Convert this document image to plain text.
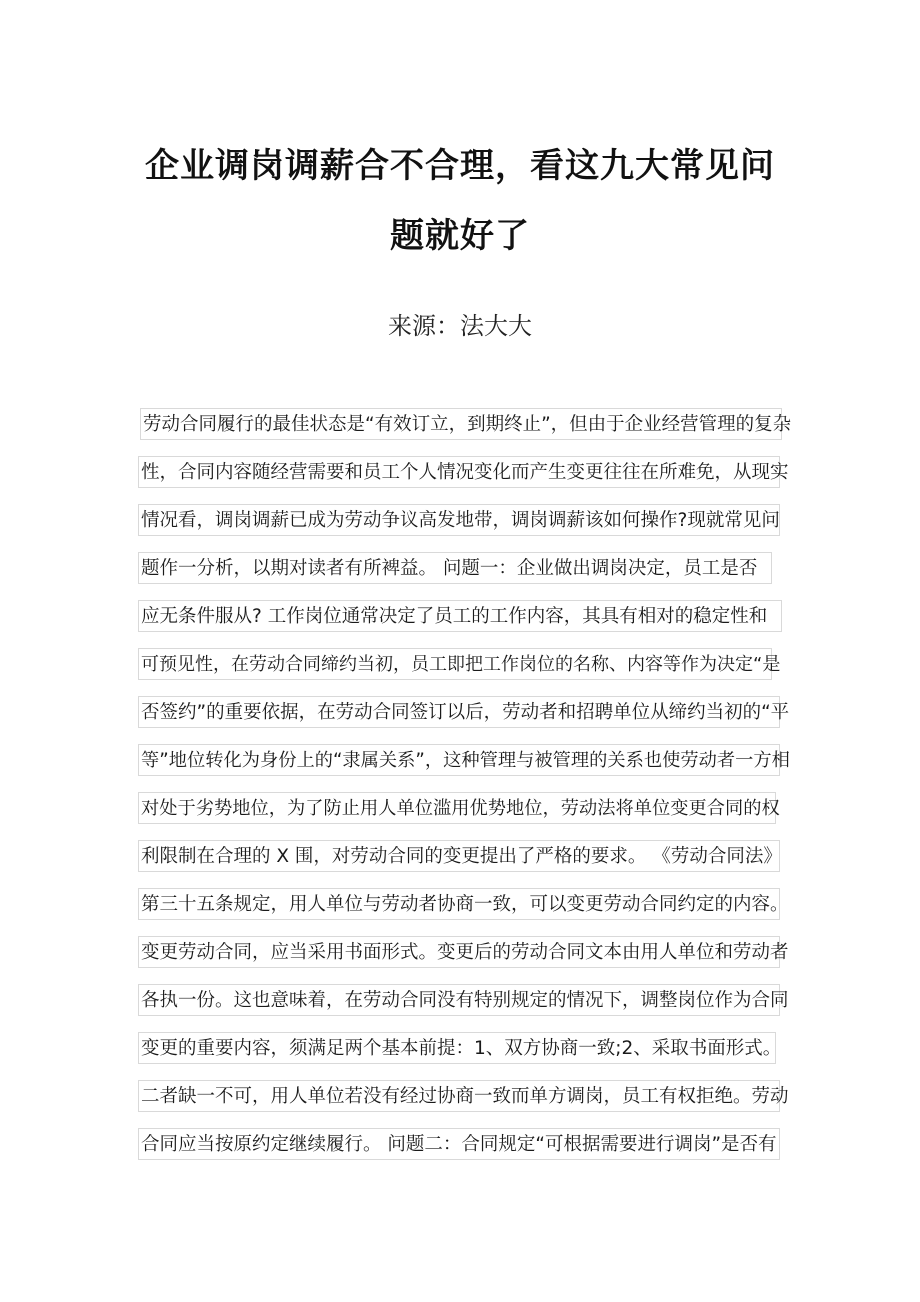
企业调岗调薪合不合理，看这九大常见问
题就好了
来源：法大大
劳动合同履行的最佳状态是“有效订立，到期终止”，但由于企业经营管理的复杂
性，合同内容随经营需要和员工个人情况变化而产生变更往往在所难免，从现实
情况看，调岗调薪已成为劳动争议高发地带，调岗调薪该如何操作?现就常见问
题作一分析，以期对读者有所裨益。 问题一：企业做出调岗决定，员工是否
应无条件服从? 工作岗位通常决定了员工的工作内容，其具有相对的稳定性和
可预见性，在劳动合同缔约当初，员工即把工作岗位的名称、内容等作为决定“是
否签约”的重要依据，在劳动合同签订以后，劳动者和招聘单位从缔约当初的“平
等”地位转化为身份上的“隶属关系”，这种管理与被管理的关系也使劳动者一方相
对处于劣势地位，为了防止用人单位滥用优势地位，劳动法将单位变更合同的权
利限制在合理的 X 围，对劳动合同的变更提出了严格的要求。 《劳动合同法》
第三十五条规定，用人单位与劳动者协商一致，可以变更劳动合同约定的内容。
变更劳动合同，应当采用书面形式。变更后的劳动合同文本由用人单位和劳动者
各执一份。这也意味着，在劳动合同没有特别规定的情况下，调整岗位作为合同
变更的重要内容，须满足两个基本前提：1、双方协商一致;2、采取书面形式。
二者缺一不可，用人单位若没有经过协商一致而单方调岗，员工有权拒绝。劳动
合同应当按原约定继续履行。 问题二：合同规定“可根据需要进行调岗”是否有
